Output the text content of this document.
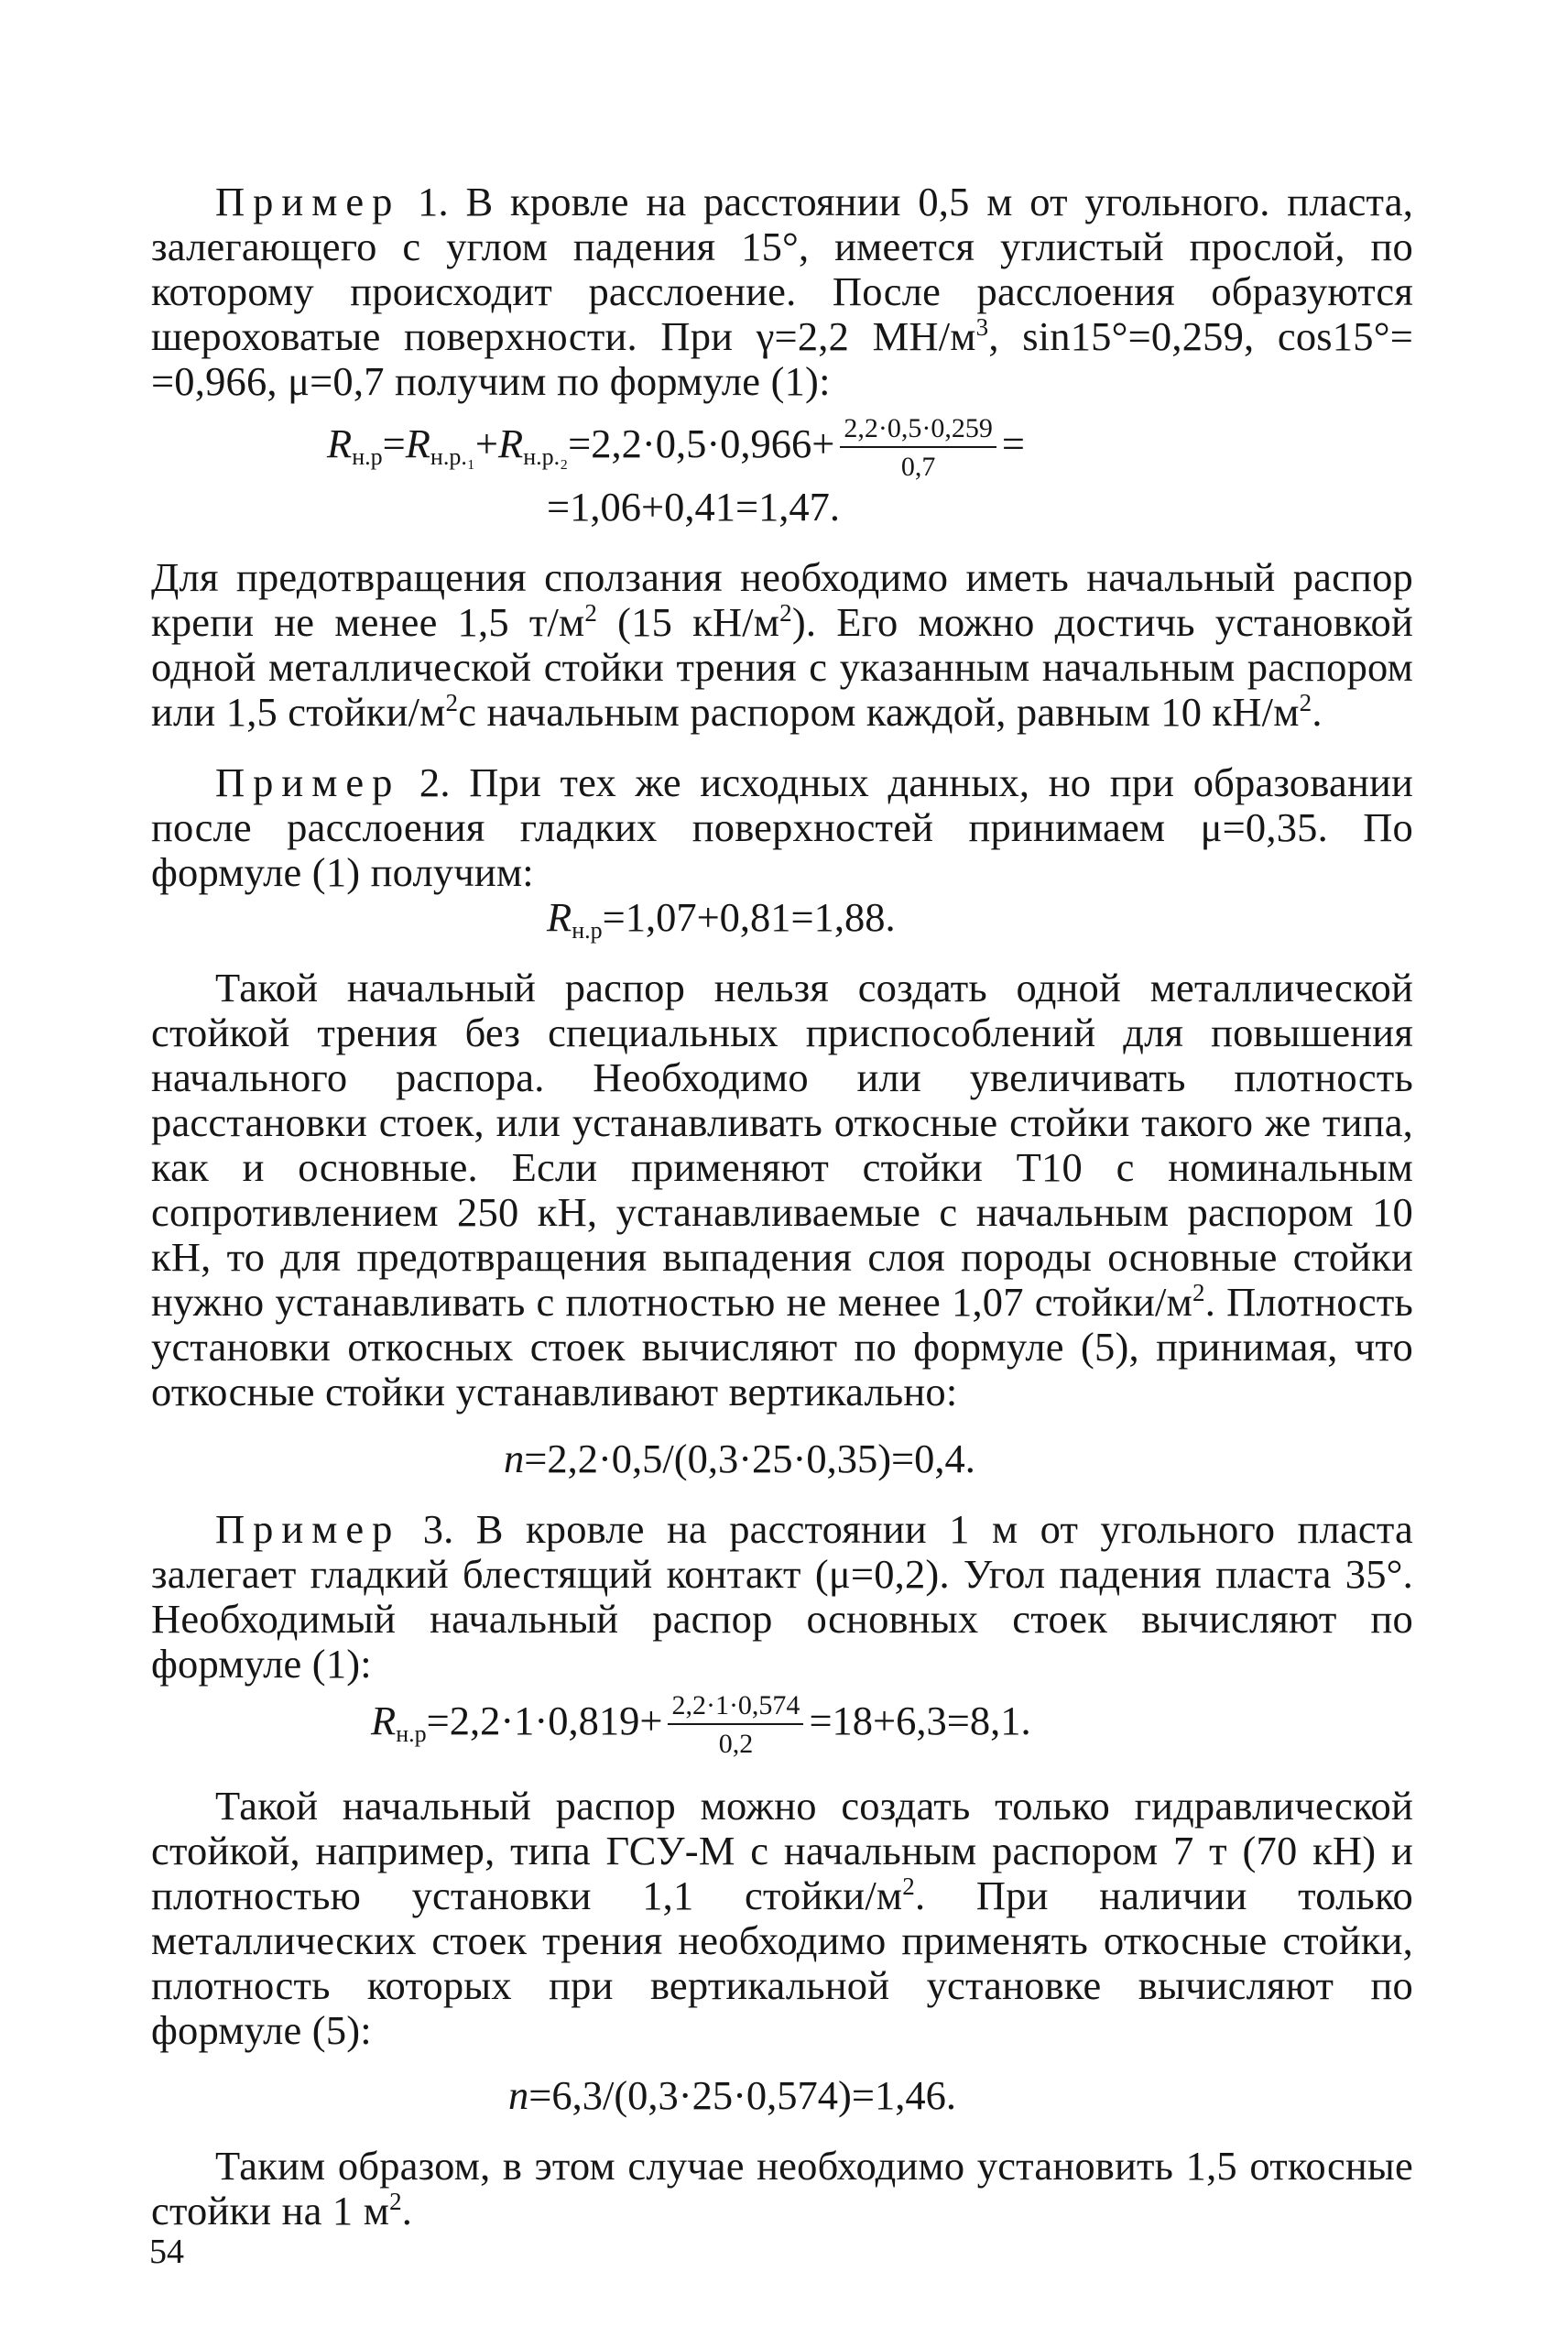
Пример 1. В кровле на расстоянии 0,5 м от угольного. пласта, залегающего с углом падения 15°, имеется углистый прослой, по которому происходит расслоение. После расслоения образуются шероховатые поверхности. При γ=2,2 $МН/м^3$, sin15°=0,259, cos15°= =0,966, μ=0,7 получим по формуле (1):

$R_{н.р}=R_{н.р._1}+R_{н.р._2}=2,2\cdot 0,5\cdot 0,966+ \frac{2,2\cdot 0,5\cdot 0,259}{0,7}$ =
=1,06+0,41=1,47.

Для предотвращения сползания необходимо иметь начальный распор крепи не менее 1,5 $т/м^2$ (15 $кН/м^2$). Его можно достичь установкой одной металлической стойки трения с указанным начальным распором или 1,5 стойки/$м^2с$ начальным распором каждой, равным 10 $кН/м^2$.

Пример 2. При тех же исходных данных, но при образовании после расслоения гладких поверхностей принимаем μ=0,35. По формуле (1) получим:

$R_{н.р}=1,07+0,81=1,88$.

Такой начальный распор нельзя создать одной металлической стойкой трения без специальных приспособлений для повышения начального распора. Необходимо или увеличивать плотность расстановки стоек, или устанавливать откосные стойки такого же типа, как и основные. Если применяют стойки Т10 с номинальным сопротивлением 250 кН, устанавливаемые с начальным распором 10 кН, то для предотвращения выпадения слоя породы основные стойки нужно устанавливать с плотностью не менее 1,07 стойки/$м^2$. Плотность установки откосных стоек вычисляют по формуле (5), принимая, что откосные стойки устанавливают вертикально:

n=2,2·0,5/(0,3·25·0,35)=0,4.

Пример 3. В кровле на расстоянии 1 м от угольного пласта залегает гладкий блестящий контакт (μ=0,2). Угол падения пласта 35°. Необходимый начальный распор основных стоек вычисляют по формуле (1):

$R_{н.р}=2,2\cdot 1\cdot 0,819+ \frac{2,2\cdot 1\cdot 0,574}{0,2} =18+6,3=8,1$.

Такой начальный распор можно создать только гидравлической стойкой, например, типа ГСУ-М с начальным распором 7 т (70 кН) и плотностью установки 1,1 стойки/$м^2$. При наличии только металлических стоек трения необходимо применять откосные стойки, плотность которых при вертикальной установке вычисляют по формуле (5):

n=6,3/(0,3·25·0,574)=1,46.

Таким образом, в этом случае необходимо установить 1,5 откосные стойки на 1 $м^2$.

54
